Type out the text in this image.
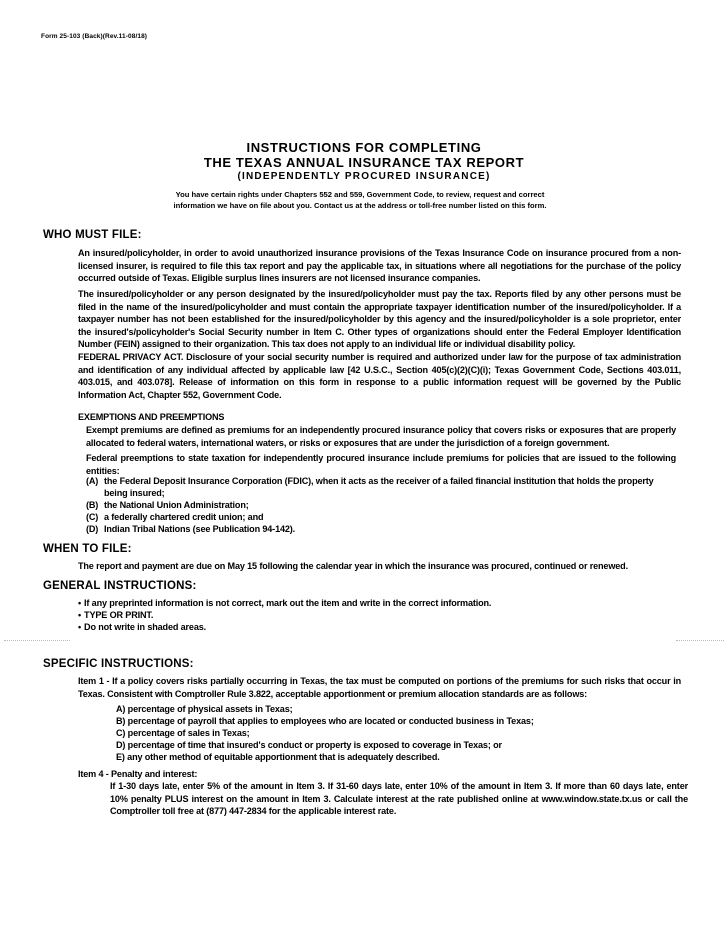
Form 25-103 (Back)(Rev.11-08/18)
INSTRUCTIONS FOR COMPLETING
THE TEXAS ANNUAL INSURANCE TAX REPORT
(INDEPENDENTLY PROCURED INSURANCE)
You have certain rights under Chapters 552 and 559, Government Code, to review, request and correct
information we have on file about you. Contact us at the address or toll-free number listed on this form.
WHO MUST FILE:
An insured/policyholder, in order to avoid unauthorized insurance provisions of the Texas Insurance Code on insurance procured from a non-licensed insurer, is required to file this tax report and pay the applicable tax, in situations where all negotiations for the purchase of the policy occurred outside of Texas. Eligible surplus lines insurers are not licensed insurance companies.
The insured/policyholder or any person designated by the insured/policyholder must pay the tax. Reports filed by any other persons must be filed in the name of the insured/policyholder and must contain the appropriate taxpayer identification number of the insured/policyholder. If a taxpayer number has not been established for the insured/policyholder by this agency and the insured/policyholder is a sole proprietor, enter the insured's/policyholder's Social Security number in Item C. Other types of organizations should enter the Federal Employer Identification Number (FEIN) assigned to their organization. This tax does not apply to an individual life or individual disability policy.
FEDERAL PRIVACY ACT. Disclosure of your social security number is required and authorized under law for the purpose of tax administration and identification of any individual affected by applicable law [42 U.S.C., Section 405(c)(2)(C)(i); Texas Government Code, Sections 403.011, 403.015, and 403.078]. Release of information on this form in response to a public information request will be governed by the Public Information Act, Chapter 552, Government Code.
EXEMPTIONS AND PREEMPTIONS
Exempt premiums are defined as premiums for an independently procured insurance policy that covers risks or exposures that are properly allocated to federal waters, international waters, or risks or exposures that are under the jurisdiction of a foreign government.
Federal preemptions to state taxation for independently procured insurance include premiums for policies that are issued to the following entities:
(A) the Federal Deposit Insurance Corporation (FDIC), when it acts as the receiver of a failed financial institution that holds the property
being insured;
(B) the National Union Administration;
(C) a federally chartered credit union; and
(D) Indian Tribal Nations (see Publication 94-142).
WHEN TO FILE:
The report and payment are due on May 15 following the calendar year in which the insurance was procured, continued or renewed.
GENERAL INSTRUCTIONS:
• If any preprinted information is not correct, mark out the item and write in the correct information.
• TYPE OR PRINT.
• Do not write in shaded areas.
SPECIFIC INSTRUCTIONS:
Item 1 - If a policy covers risks partially occurring in Texas, the tax must be computed on portions of the premiums for such risks that occur in Texas. Consistent with Comptroller Rule 3.822, acceptable apportionment or premium allocation standards are as follows:
A) percentage of physical assets in Texas;
B) percentage of payroll that applies to employees who are located or conducted business in Texas;
C) percentage of sales in Texas;
D) percentage of time that insured's conduct or property is exposed to coverage in Texas; or
E) any other method of equitable apportionment that is adequately described.
Item 4 - Penalty and interest:
If 1-30 days late, enter 5% of the amount in Item 3. If 31-60 days late, enter 10% of the amount in Item 3. If more than 60 days late, enter 10% penalty PLUS interest on the amount in Item 3. Calculate interest at the rate published online at www.window.state.tx.us or call the Comptroller toll free at (877) 447-2834 for the applicable interest rate.
